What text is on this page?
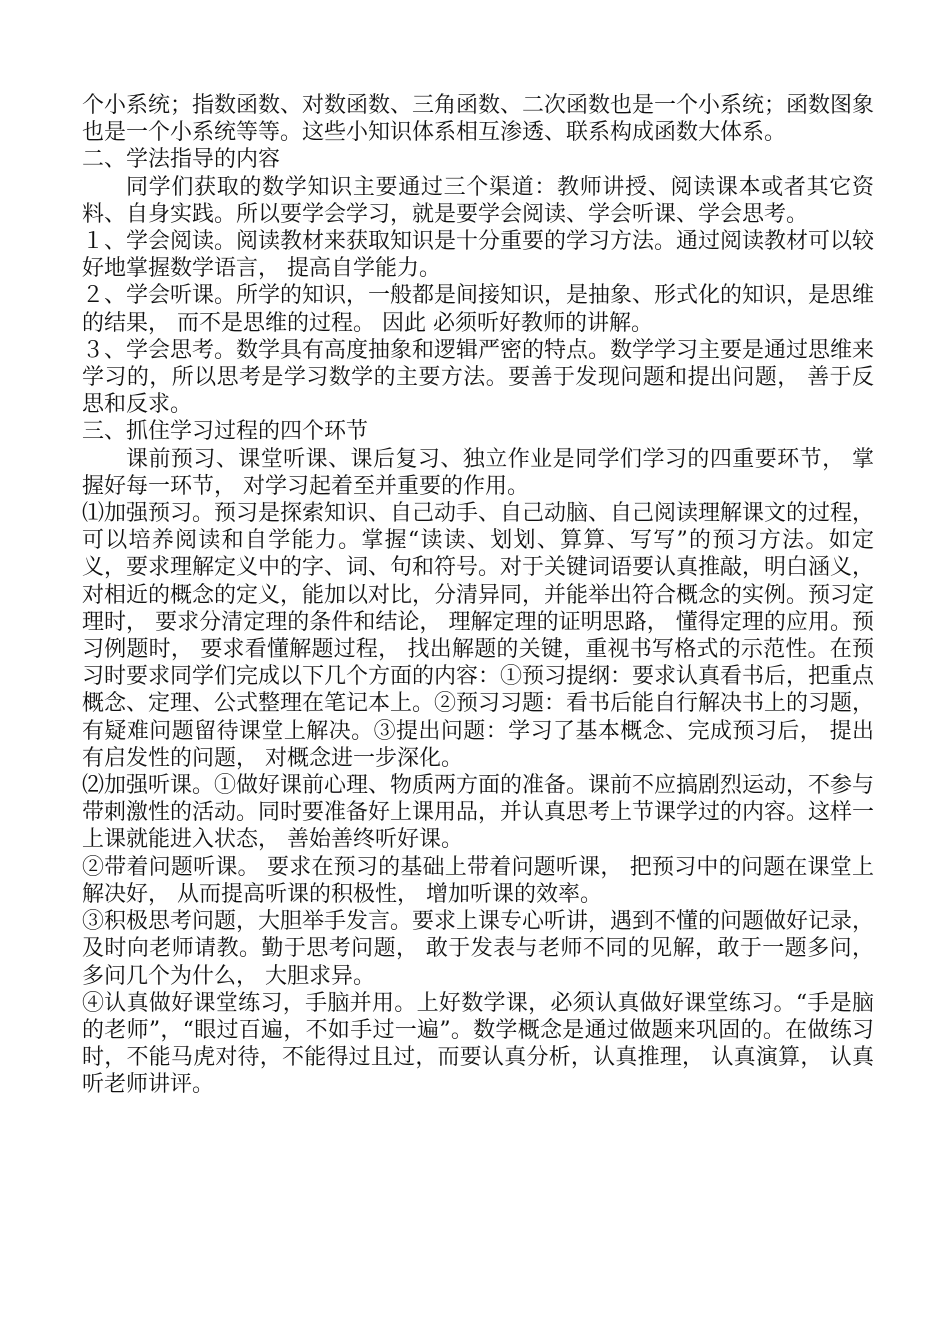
个小系统；指数函数、对数函数、三角函数、二次函数也是一个小系统；函数图象也是一个小系统等等。这些小知识体系相互渗透、联系构成函数大体系。

二、学法指导的内容

同学们获取的数学知识主要通过三个渠道：教师讲授、阅读课本或者其它资料、自身实践。所以要学会学习，就是要学会阅读、学会听课、学会思考。

１、学会阅读。阅读教材来获取知识是十分重要的学习方法。通过阅读教材可以较好地掌握数学语言， 提高自学能力。

２、学会听课。所学的知识，一般都是间接知识，是抽象、形式化的知识，是思维的结果， 而不是思维的过程。 因此 必须听好教师的讲解。

３、学会思考。数学具有高度抽象和逻辑严密的特点。数学学习主要是通过思维来学习的，所以思考是学习数学的主要方法。要善于发现问题和提出问题， 善于反思和反求。

三、抓住学习过程的四个环节

课前预习、课堂听课、课后复习、独立作业是同学们学习的四重要环节， 掌握好每一环节， 对学习起着至并重要的作用。

⑴加强预习。预习是探索知识、自己动手、自己动脑、自己阅读理解课文的过程，可以培养阅读和自学能力。掌握“读读、划划、算算、写写”的预习方法。如定义，要求理解定义中的字、词、句和符号。对于关键词语要认真推敲，明白涵义，对相近的概念的定义，能加以对比，分清异同，并能举出符合概念的实例。预习定理时， 要求分清定理的条件和结论， 理解定理的证明思路， 懂得定理的应用。预习例题时， 要求看懂解题过程， 找出解题的关键，重视书写格式的示范性。在预习时要求同学们完成以下几个方面的内容：①预习提纲：要求认真看书后，把重点概念、定理、公式整理在笔记本上。②预习习题：看书后能自行解决书上的习题， 有疑难问题留待课堂上解决。③提出问题：学习了基本概念、完成预习后， 提出有启发性的问题， 对概念进一步深化。

⑵加强听课。①做好课前心理、物质两方面的准备。课前不应搞剧烈运动，不参与带刺激性的活动。同时要准备好上课用品，并认真思考上节课学过的内容。这样一上课就能进入状态， 善始善终听好课。

②带着问题听课。 要求在预习的基础上带着问题听课， 把预习中的问题在课堂上解决好， 从而提高听课的积极性， 增加听课的效率。

③积极思考问题，大胆举手发言。要求上课专心听讲，遇到不懂的问题做好记录，及时向老师请教。勤于思考问题， 敢于发表与老师不同的见解，敢于一题多问， 多问几个为什么， 大胆求异。

④认真做好课堂练习，手脑并用。上好数学课，必须认真做好课堂练习。“手是脑的老师”，“眼过百遍，不如手过一遍”。数学概念是通过做题来巩固的。在做练习时，不能马虎对待，不能得过且过，而要认真分析，认真推理， 认真演算， 认真听老师讲评。
